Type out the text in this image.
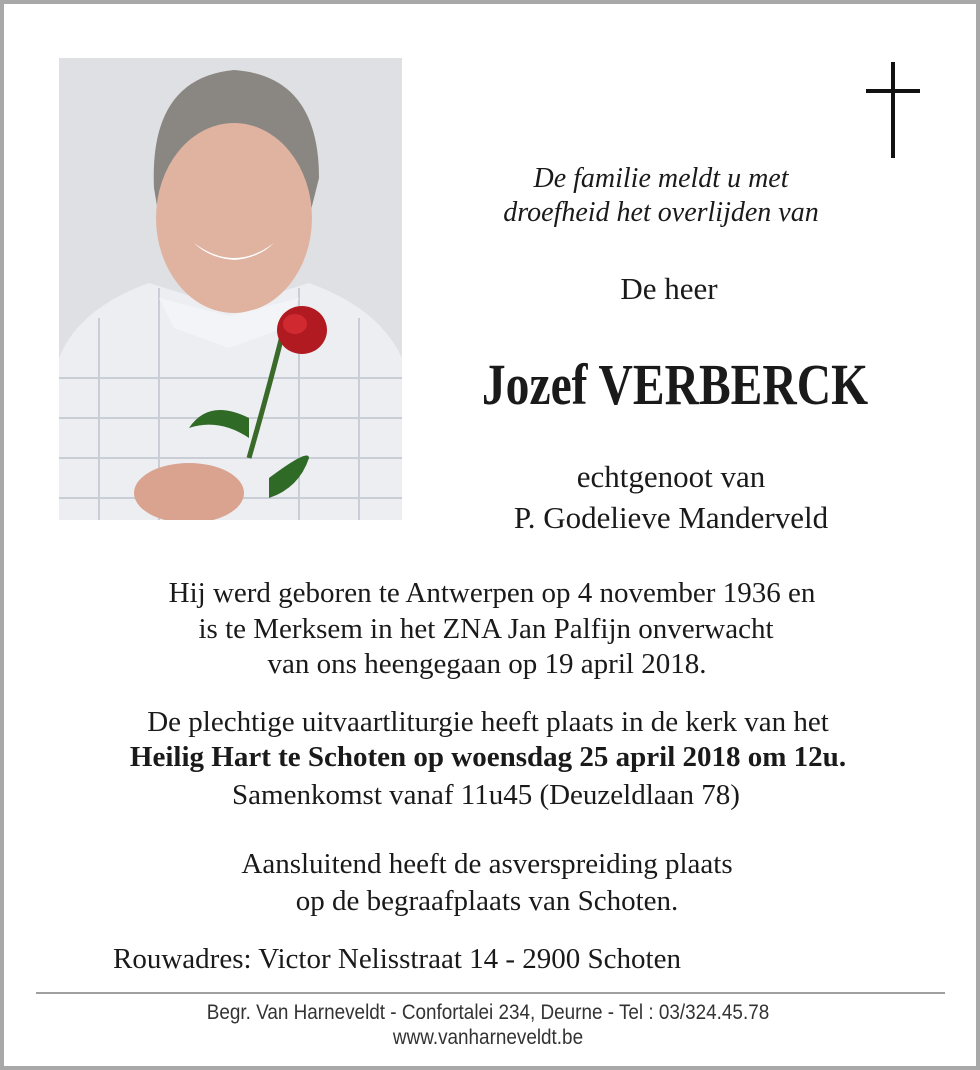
De familie meldt u met
droefheid het overlijden van
De heer
Jozef VERBERCK
echtgenoot van
P. Godelieve Manderveld
Hij werd geboren te Antwerpen op 4 november 1936 en
is te Merksem in het ZNA Jan Palfijn onverwacht
van ons heengegaan op 19 april 2018.
De plechtige uitvaartliturgie heeft plaats in de kerk van het
Heilig Hart te Schoten op woensdag 25 april 2018 om 12u.
Samenkomst vanaf 11u45 (Deuzeldlaan 78)
Aansluitend heeft de asverspreiding plaats
op de begraafplaats van Schoten.
Rouwadres: Victor Nelisstraat 14 - 2900 Schoten
Begr. Van Harneveldt - Confortalei 234, Deurne - Tel : 03/324.45.78
www.vanharneveldt.be
